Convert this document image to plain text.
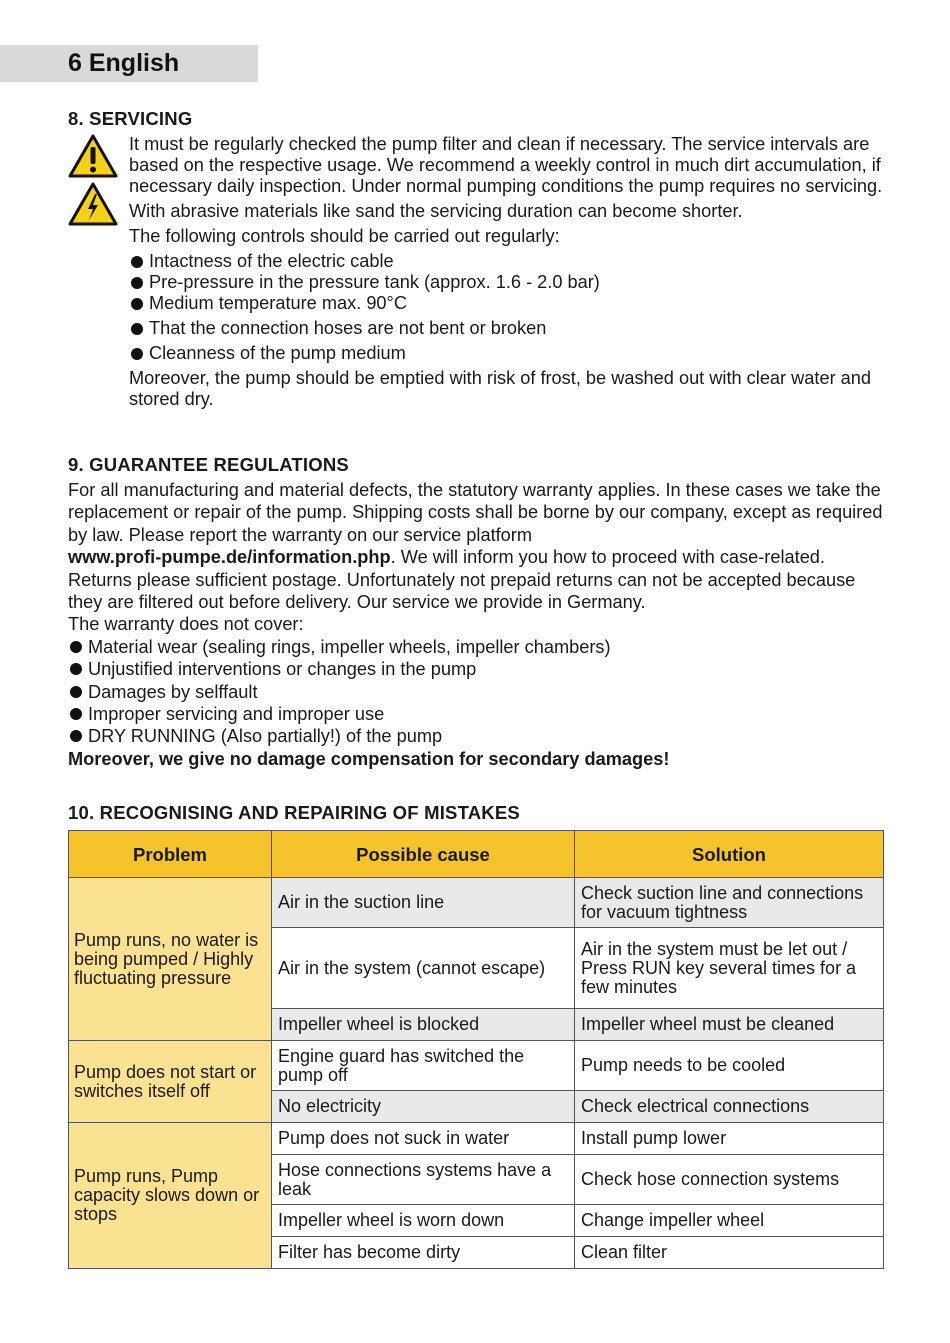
6 English
8. SERVICING

It must be regularly checked the pump filter and clean if necessary. The service intervals are based on the respective usage. We recommend a weekly control in much dirt accumulation, if necessary daily inspection. Under normal pumping conditions the pump requires no servicing.

With abrasive materials like sand the servicing duration can become shorter.

The following controls should be carried out regularly:

Intactness of the electric cable
Pre-pressure in the pressure tank (approx. 1.6 - 2.0 bar)
Medium temperature max. 90°C
That the connection hoses are not bent or broken
Cleanness of the pump medium

Moreover, the pump should be emptied with risk of frost, be washed out with clear water and stored dry.

9. GUARANTEE REGULATIONS

For all manufacturing and material defects, the statutory warranty applies. In these cases we take the replacement or repair of the pump. Shipping costs shall be borne by our company, except as required by law. Please report the warranty on our service platform
www.profi-pumpe.de/information.php. We will inform you how to proceed with case-related. Returns please sufficient postage. Unfortunately not prepaid returns can not be accepted because they are filtered out before delivery. Our service we provide in Germany.

The warranty does not cover:

Material wear (sealing rings, impeller wheels, impeller chambers)
Unjustified interventions or changes in the pump
Damages by selffault
Improper servicing and improper use
DRY RUNNING (Also partially!) of the pump

Moreover, we give no damage compensation for secondary damages!

10. RECOGNISING AND REPAIRING OF MISTAKES
Problem	Possible cause	Solution
Pump runs, no water is being pumped / Highly fluctuating pressure	Air in the suction line	Check suction line and connections for vacuum tightness
	Air in the system (cannot escape)	Air in the system must be let out / Press RUN key several times for a few minutes
	Impeller wheel is blocked	Impeller wheel must be cleaned
Pump does not start or switches itself off	Engine guard has switched the pump off	Pump needs to be cooled
	No electricity	Check electrical connections
Pump runs, Pump capacity slows down or stops	Pump does not suck in water	Install pump lower
	Hose connections systems have a leak	Check hose connection systems
	Impeller wheel is worn down	Change impeller wheel
	Filter has become dirty	Clean filter
